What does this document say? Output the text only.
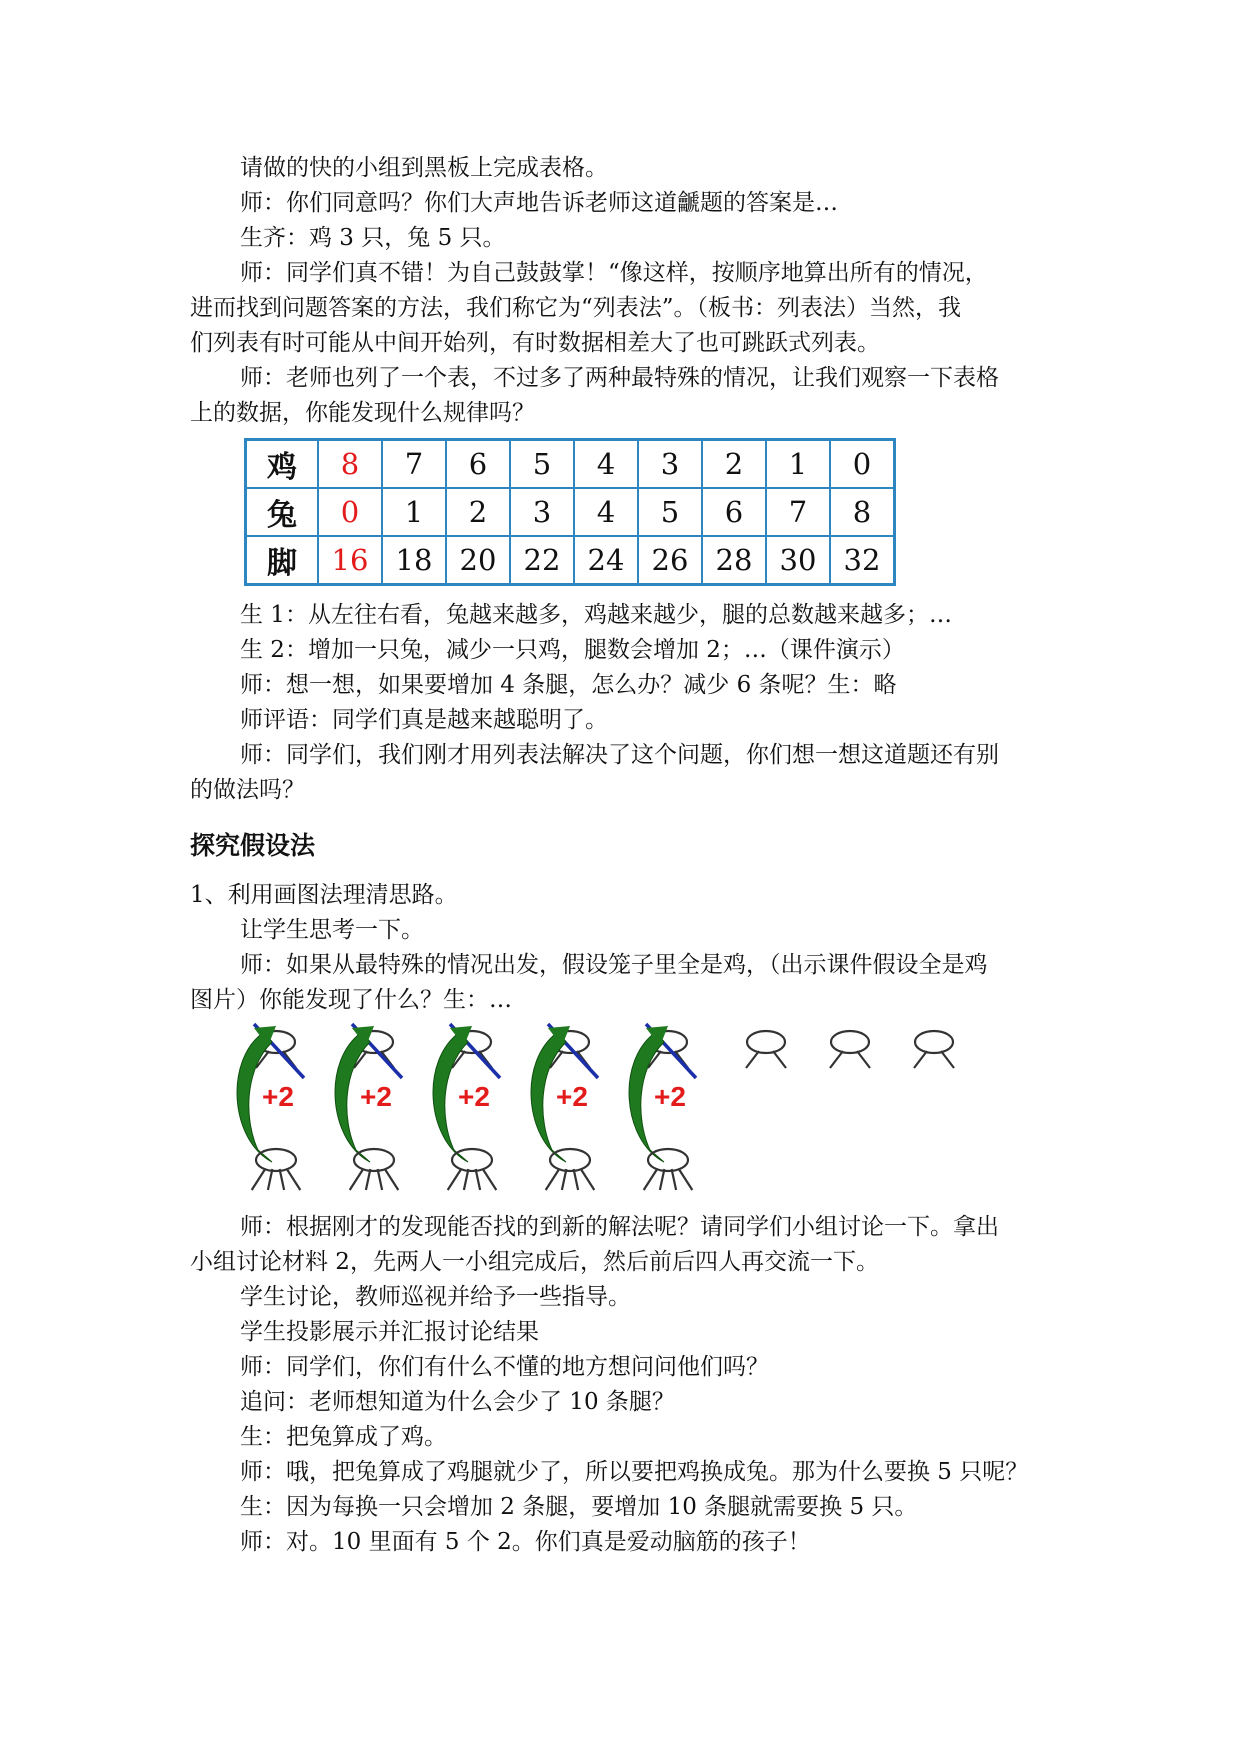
请做的快的小组到黑板上完成表格。

师：你们同意吗？你们大声地告诉老师这道䶵题的答案是…

生齐：鸡 3 只，兔 5 只。

师：同学们真不错！为自己鼓鼓掌！“像这样，按顺序地算出所有的情况，

进而找到问题答案的方法，我们称它为“列表法”。（板书：列表法）当然，我

们列表有时可能从中间开始列，有时数据相差大了也可跳跃式列表。

师：老师也列了一个表，不过多了两种最特殊的情况，让我们观察一下表格

上的数据，你能发现什么规律吗？

鸡	8	7	6	5	4	3	2	1	0
兔	0	1	2	3	4	5	6	7	8
脚	16	18	20	22	24	26	28	30	32

生 1：从左往右看，兔越来越多，鸡越来越少，腿的总数越来越多；…

生 2：增加一只兔，减少一只鸡，腿数会增加 2；…（课件演示）

师：想一想，如果要增加 4 条腿，怎么办？减少 6 条呢？生：略

师评语：同学们真是越来越聪明了。

师：同学们，我们刚才用列表法解决了这个问题，你们想一想这道题还有别

的做法吗？

探究假设法

1、利用画图法理清思路。

让学生思考一下。

师：如果从最特殊的情况出发，假设笼子里全是鸡，（出示课件假设全是鸡

图片）你能发现了什么？生：…

+2 +2 +2 +2 +2

师：根据刚才的发现能否找的到新的解法呢？请同学们小组讨论一下。拿出

小组讨论材料 2，先两人一小组完成后，然后前后四人再交流一下。

学生讨论，教师巡视并给予一些指导。

学生投影展示并汇报讨论结果

师：同学们，你们有什么不懂的地方想问问他们吗？

追问：老师想知道为什么会少了 10 条腿？

生：把兔算成了鸡。

师：哦，把兔算成了鸡腿就少了，所以要把鸡换成兔。那为什么要换 5 只呢？

生：因为每换一只会增加 2 条腿，要增加 10 条腿就需要换 5 只。

师：对。10 里面有 5 个 2。你们真是爱动脑筋的孩子！
